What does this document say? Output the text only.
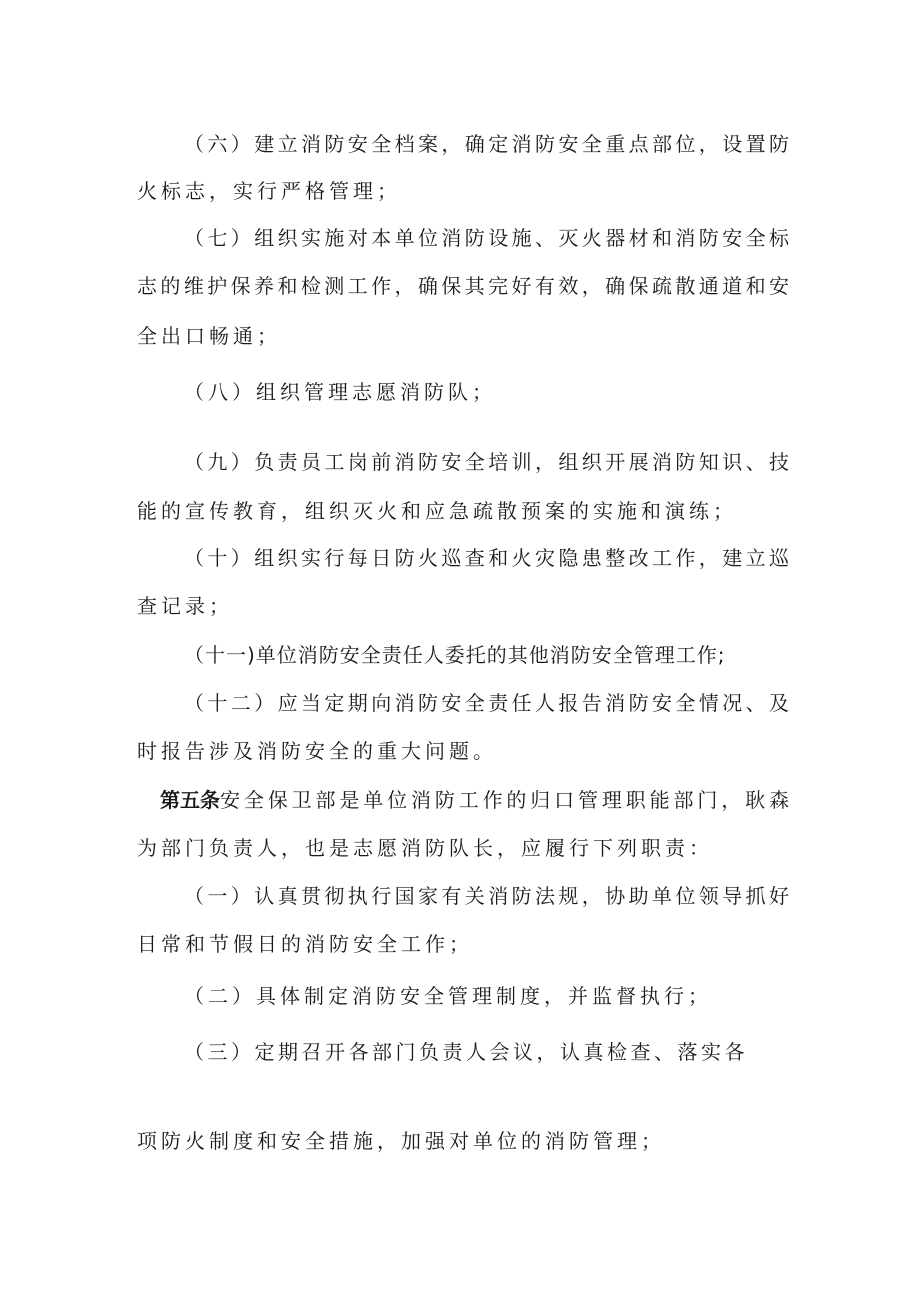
（六）建立消防安全档案，确定消防安全重点部位，设置防
火标志，实行严格管理；
（七）组织实施对本单位消防设施、灭火器材和消防安全标
志的维护保养和检测工作，确保其完好有效，确保疏散通道和安
全出口畅通；
（八）组织管理志愿消防队；
（九）负责员工岗前消防安全培训，组织开展消防知识、技
能的宣传教育，组织灭火和应急疏散预案的实施和演练；
（十）组织实行每日防火巡查和火灾隐患整改工作，建立巡
查记录；
（十一)单位消防安全责任人委托的其他消防安全管理工作;
（十二）应当定期向消防安全责任人报告消防安全情况、及
时报告涉及消防安全的重大问题。
第五条 安全保卫部是单位消防工作的归口管理职能部门，耿森
为部门负责人，也是志愿消防队长，应履行下列职责：
（一）认真贯彻执行国家有关消防法规，协助单位领导抓好
日常和节假日的消防安全工作；
（二）具体制定消防安全管理制度，并监督执行；
（三）定期召开各部门负责人会议，认真检查、落实各
项防火制度和安全措施，加强对单位的消防管理；
